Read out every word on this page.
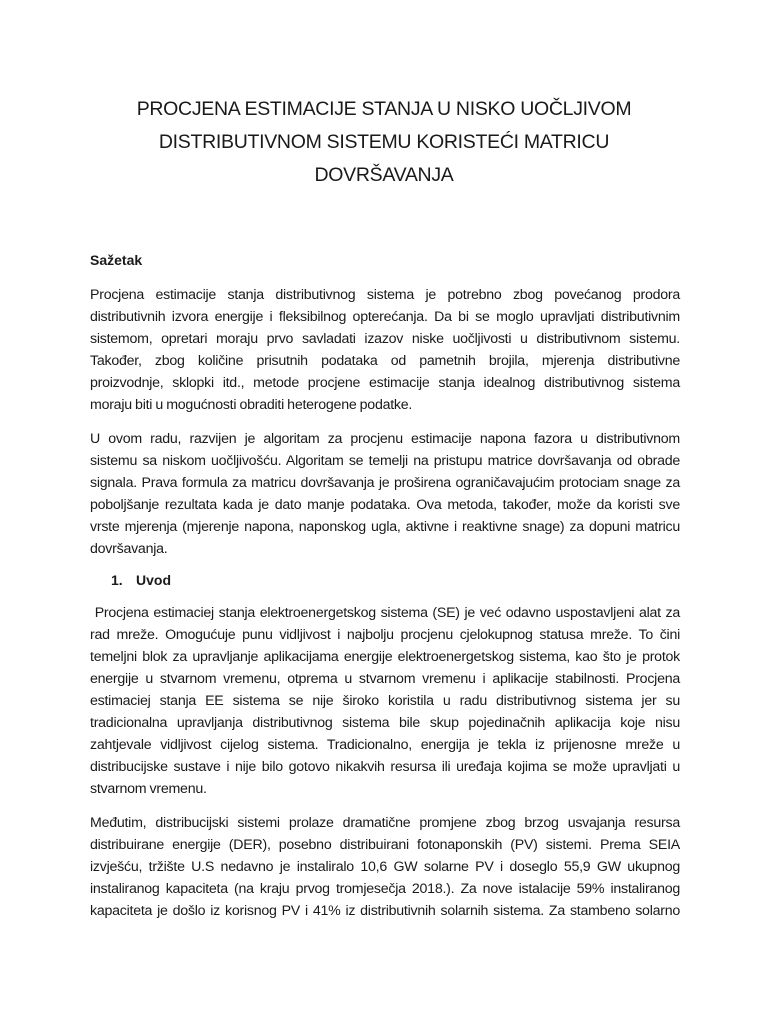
PROCJENA ESTIMACIJE STANJA U NISKO UOČLJIVOM
DISTRIBUTIVNOM SISTEMU KORISTEĆI MATRICU
DOVRŠAVANJA
Sažetak

Procjena estimacije stanja distributivnog sistema je potrebno zbog povećanog prodora
distributivnih izvora energije i fleksibilnog opterećanja. Da bi se moglo upravljati distributivnim
sistemom, opretari moraju prvo savladati izazov niske uočljivosti u distributivnom sistemu.
Također, zbog količine prisutnih podataka od pametnih brojila, mjerenja distributivne
proizvodnje, sklopki itd., metode procjene estimacije stanja idealnog distributivnog sistema
moraju biti u mogućnosti obraditi heterogene podatke.

U ovom radu, razvijen je algoritam za procjenu estimacije napona fazora u distributivnom
sistemu sa niskom uočljivošću. Algoritam se temelji na pristupu matrice dovršavanja od obrade
signala. Prava formula za matricu dovršavanja je proširena ograničavajućim protociam snage za
poboljšanje rezultata kada je dato manje podataka. Ova metoda, također, može da koristi sve
vrste mjerenja (mjerenje napona, naponskog ugla, aktivne i reaktivne snage) za dopuni matricu
dovršavanja.

1. Uvod

Procjena estimaciej stanja elektroenergetskog sistema (SE) je već odavno uspostavljeni alat za
rad mreže. Omogućuje punu vidljivost i najbolju procjenu cjelokupnog statusa mreže. To čini
temeljni blok za upravljanje aplikacijama energije elektroenergetskog sistema, kao što je protok
energije u stvarnom vremenu, otprema u stvarnom vremenu i aplikacije stabilnosti. Procjena
estimaciej stanja EE sistema se nije široko koristila u radu distributivnog sistema jer su
tradicionalna upravljanja distributivnog sistema bile skup pojedinačnih aplikacija koje nisu
zahtjevale vidljivost cijelog sistema. Tradicionalno, energija je tekla iz prijenosne mreže u
distribucijske sustave i nije bilo gotovo nikakvih resursa ili uređaja kojima se može upravljati u
stvarnom vremenu.

Međutim, distribucijski sistemi prolaze dramatične promjene zbog brzog usvajanja resursa
distribuirane energije (DER), posebno distribuirani fotonaponskih (PV) sistemi. Prema SEIA
izvješću, tržište U.S nedavno je instaliralo 10,6 GW solarne PV i doseglo 55,9 GW ukupnog
instaliranog kapaciteta (na kraju prvog tromjesečja 2018.). Za nove istalacije 59% instaliranog
kapaciteta je došlo iz korisnog PV i 41% iz distributivnih solarnih sistema. Za stambeno solarno
